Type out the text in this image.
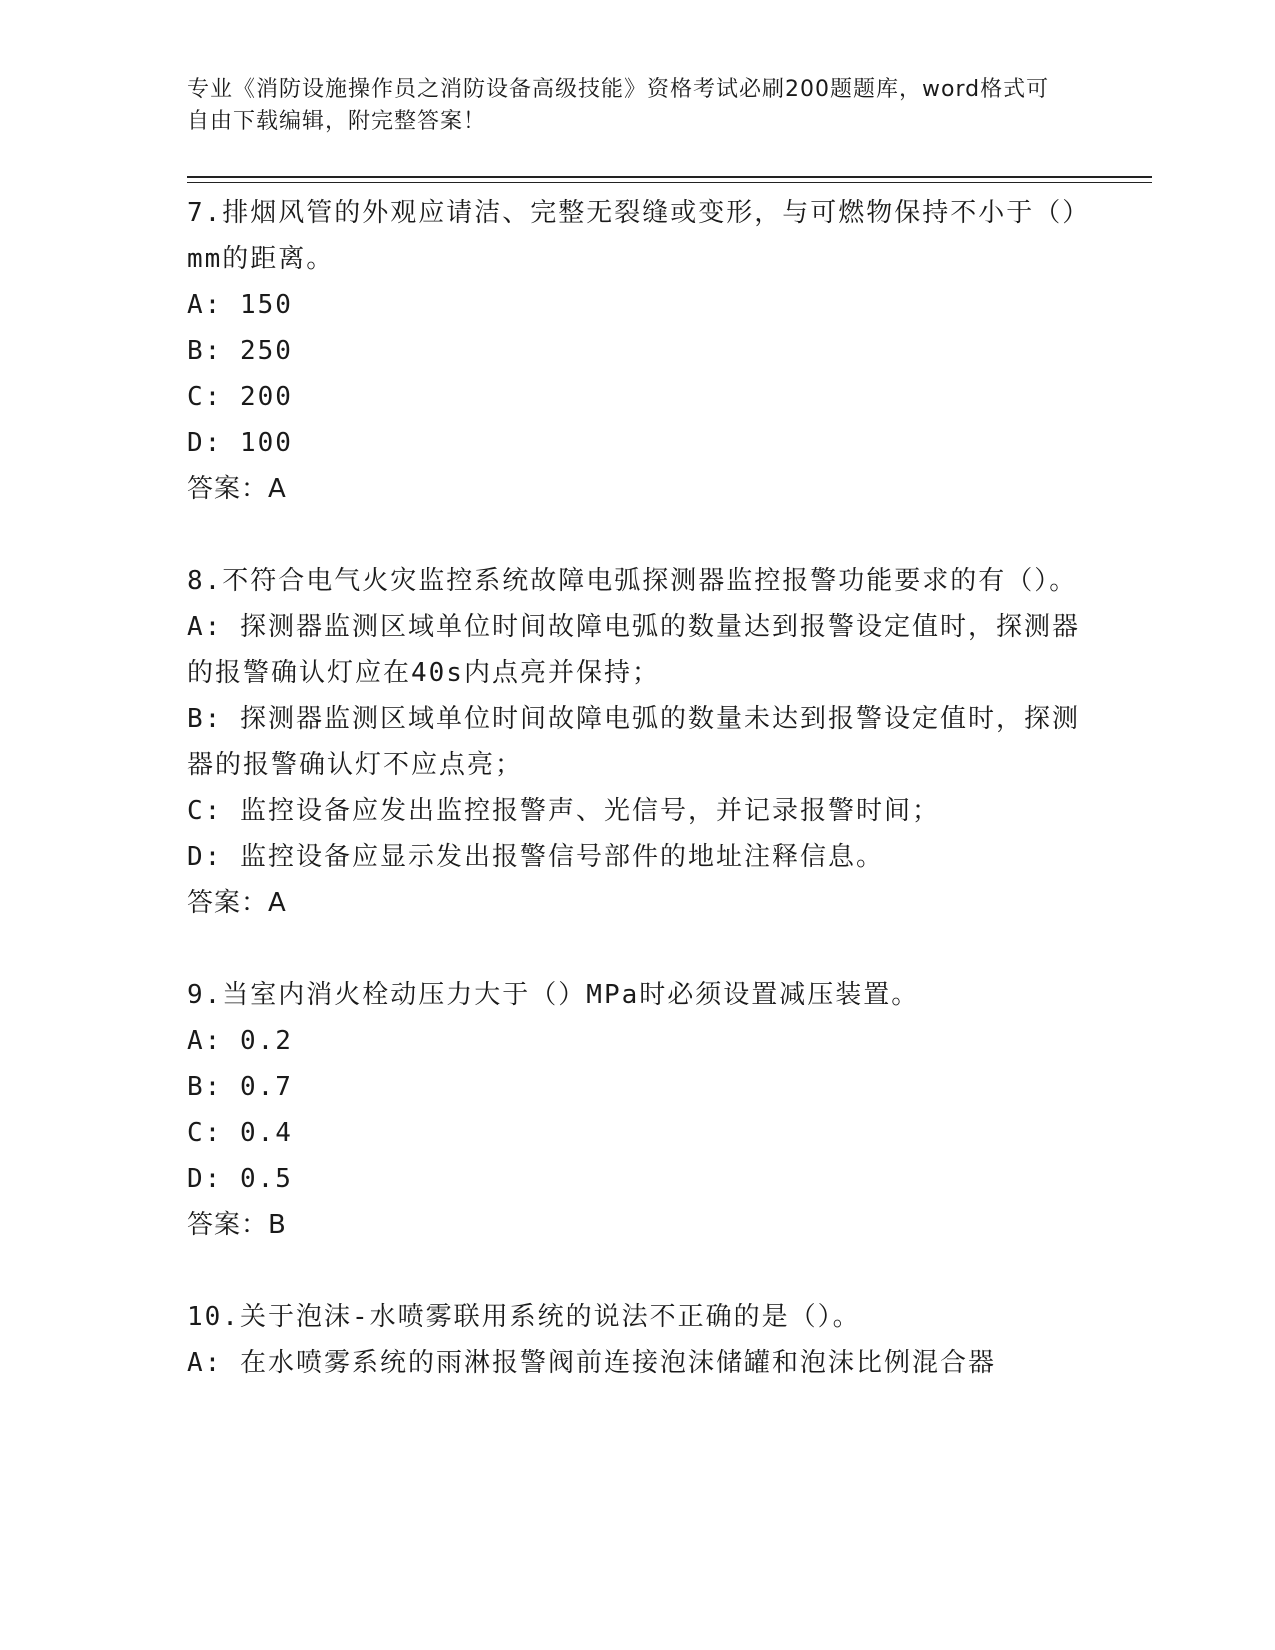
专业《消防设施操作员之消防设备高级技能》资格考试必刷200题题库，word格式可自由下载编辑，附完整答案！

7.排烟风管的外观应请洁、完整无裂缝或变形，与可燃物保持不小于（）mm的距离。

A: 150

B: 250

C: 200

D: 100

答案：A

8.不符合电气火灾监控系统故障电弧探测器监控报警功能要求的有（）。

A: 探测器监测区域单位时间故障电弧的数量达到报警设定值时，探测器的报警确认灯应在40s内点亮并保持；

B: 探测器监测区域单位时间故障电弧的数量未达到报警设定值时，探测器的报警确认灯不应点亮；

C: 监控设备应发出监控报警声、光信号，并记录报警时间；

D: 监控设备应显示发出报警信号部件的地址注释信息。

答案：A

9.当室内消火栓动压力大于（）MPa时必须设置减压装置。

A: 0.2

B: 0.7

C: 0.4

D: 0.5

答案：B

10.关于泡沫-水喷雾联用系统的说法不正确的是（）。

A: 在水喷雾系统的雨淋报警阀前连接泡沫储罐和泡沫比例混合器
